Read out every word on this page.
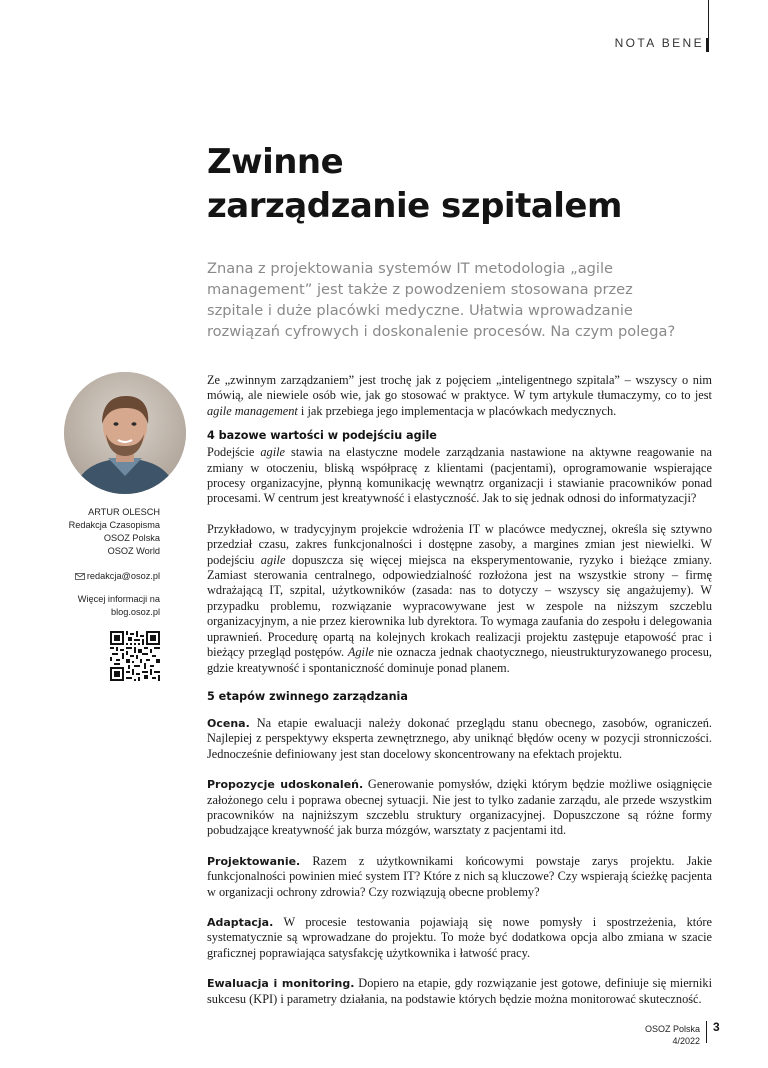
NOTA BENE
Zwinne
zarządzanie szpitalem

Znana z projektowania systemów IT metodologia „agile management” jest także z powodzeniem stosowana przez szpitale i duże placówki medyczne. Ułatwia wprowadzanie rozwiązań cyfrowych i doskonalenie procesów. Na czym polega?

ARTUR OLESCH
Redakcja Czasopisma
OSOZ Polska
OSOZ World
redakcja@osoz.pl
Więcej informacji na
blog.osoz.pl

Ze „zwinnym zarządzaniem” jest trochę jak z pojęciem „inteligentnego szpitala” – wszyscy o nim mówią, ale niewiele osób wie, jak go stosować w praktyce. W tym artykule tłumaczymy, co to jest agile management i jak przebiega jego implementacja w placówkach medycznych.

4 bazowe wartości w podejściu agile

Podejście agile stawia na elastyczne modele zarządzania nastawione na aktywne reagowanie na zmiany w otoczeniu, bliską współpracę z klientami (pacjentami), oprogramowanie wspierające procesy organizacyjne, płynną komunikację wewnątrz organizacji i stawianie pracowników ponad procesami. W centrum jest kreatywność i elastyczność. Jak to się jednak odnosi do informatyzacji?

Przykładowo, w tradycyjnym projekcie wdrożenia IT w placówce medycznej, określa się sztywno przedział czasu, zakres funkcjonalności i dostępne zasoby, a margines zmian jest niewielki. W podejściu agile dopuszcza się więcej miejsca na eksperymentowanie, ryzyko i bieżące zmiany. Zamiast sterowania centralnego, odpowiedzialność rozłożona jest na wszystkie strony – firmę wdrażającą IT, szpital, użytkowników (zasada: nas to dotyczy – wszyscy się angażujemy). W przypadku problemu, rozwiązanie wypracowywane jest w zespole na niższym szczeblu organizacyjnym, a nie przez kierownika lub dyrektora. To wymaga zaufania do zespołu i delegowania uprawnień. Procedurę opartą na kolejnych krokach realizacji projektu zastępuje etapowość prac i bieżący przegląd postępów. Agile nie oznacza jednak chaotycznego, nieustrukturyzowanego procesu, gdzie kreatywność i spontaniczność dominuje ponad planem.

5 etapów zwinnego zarządzania

Ocena. Na etapie ewaluacji należy dokonać przeglądu stanu obecnego, zasobów, ograniczeń. Najlepiej z perspektywy eksperta zewnętrznego, aby uniknąć błędów oceny w pozycji stronniczości. Jednocześnie definiowany jest stan docelowy skoncentrowany na efektach projektu.

Propozycje udoskonaleń. Generowanie pomysłów, dzięki którym będzie możliwe osiągnięcie założonego celu i poprawa obecnej sytuacji. Nie jest to tylko zadanie zarządu, ale przede wszystkim pracowników na najniższym szczeblu struktury organizacyjnej. Dopuszczone są różne formy pobudzające kreatywność jak burza mózgów, warsztaty z pacjentami itd.

Projektowanie. Razem z użytkownikami końcowymi powstaje zarys projektu. Jakie funkcjonalności powinien mieć system IT? Które z nich są kluczowe? Czy wspierają ścieżkę pacjenta w organizacji ochrony zdrowia? Czy rozwiązują obecne problemy?

Adaptacja. W procesie testowania pojawiają się nowe pomysły i spostrzeżenia, które systematycznie są wprowadzane do projektu. To może być dodatkowa opcja albo zmiana w szacie graficznej poprawiająca satysfakcję użytkownika i łatwość pracy.

Ewaluacja i monitoring. Dopiero na etapie, gdy rozwiązanie jest gotowe, definiuje się mierniki sukcesu (KPI) i parametry działania, na podstawie których będzie można monitorować skuteczność.

OSOZ Polska
4/2022
3
